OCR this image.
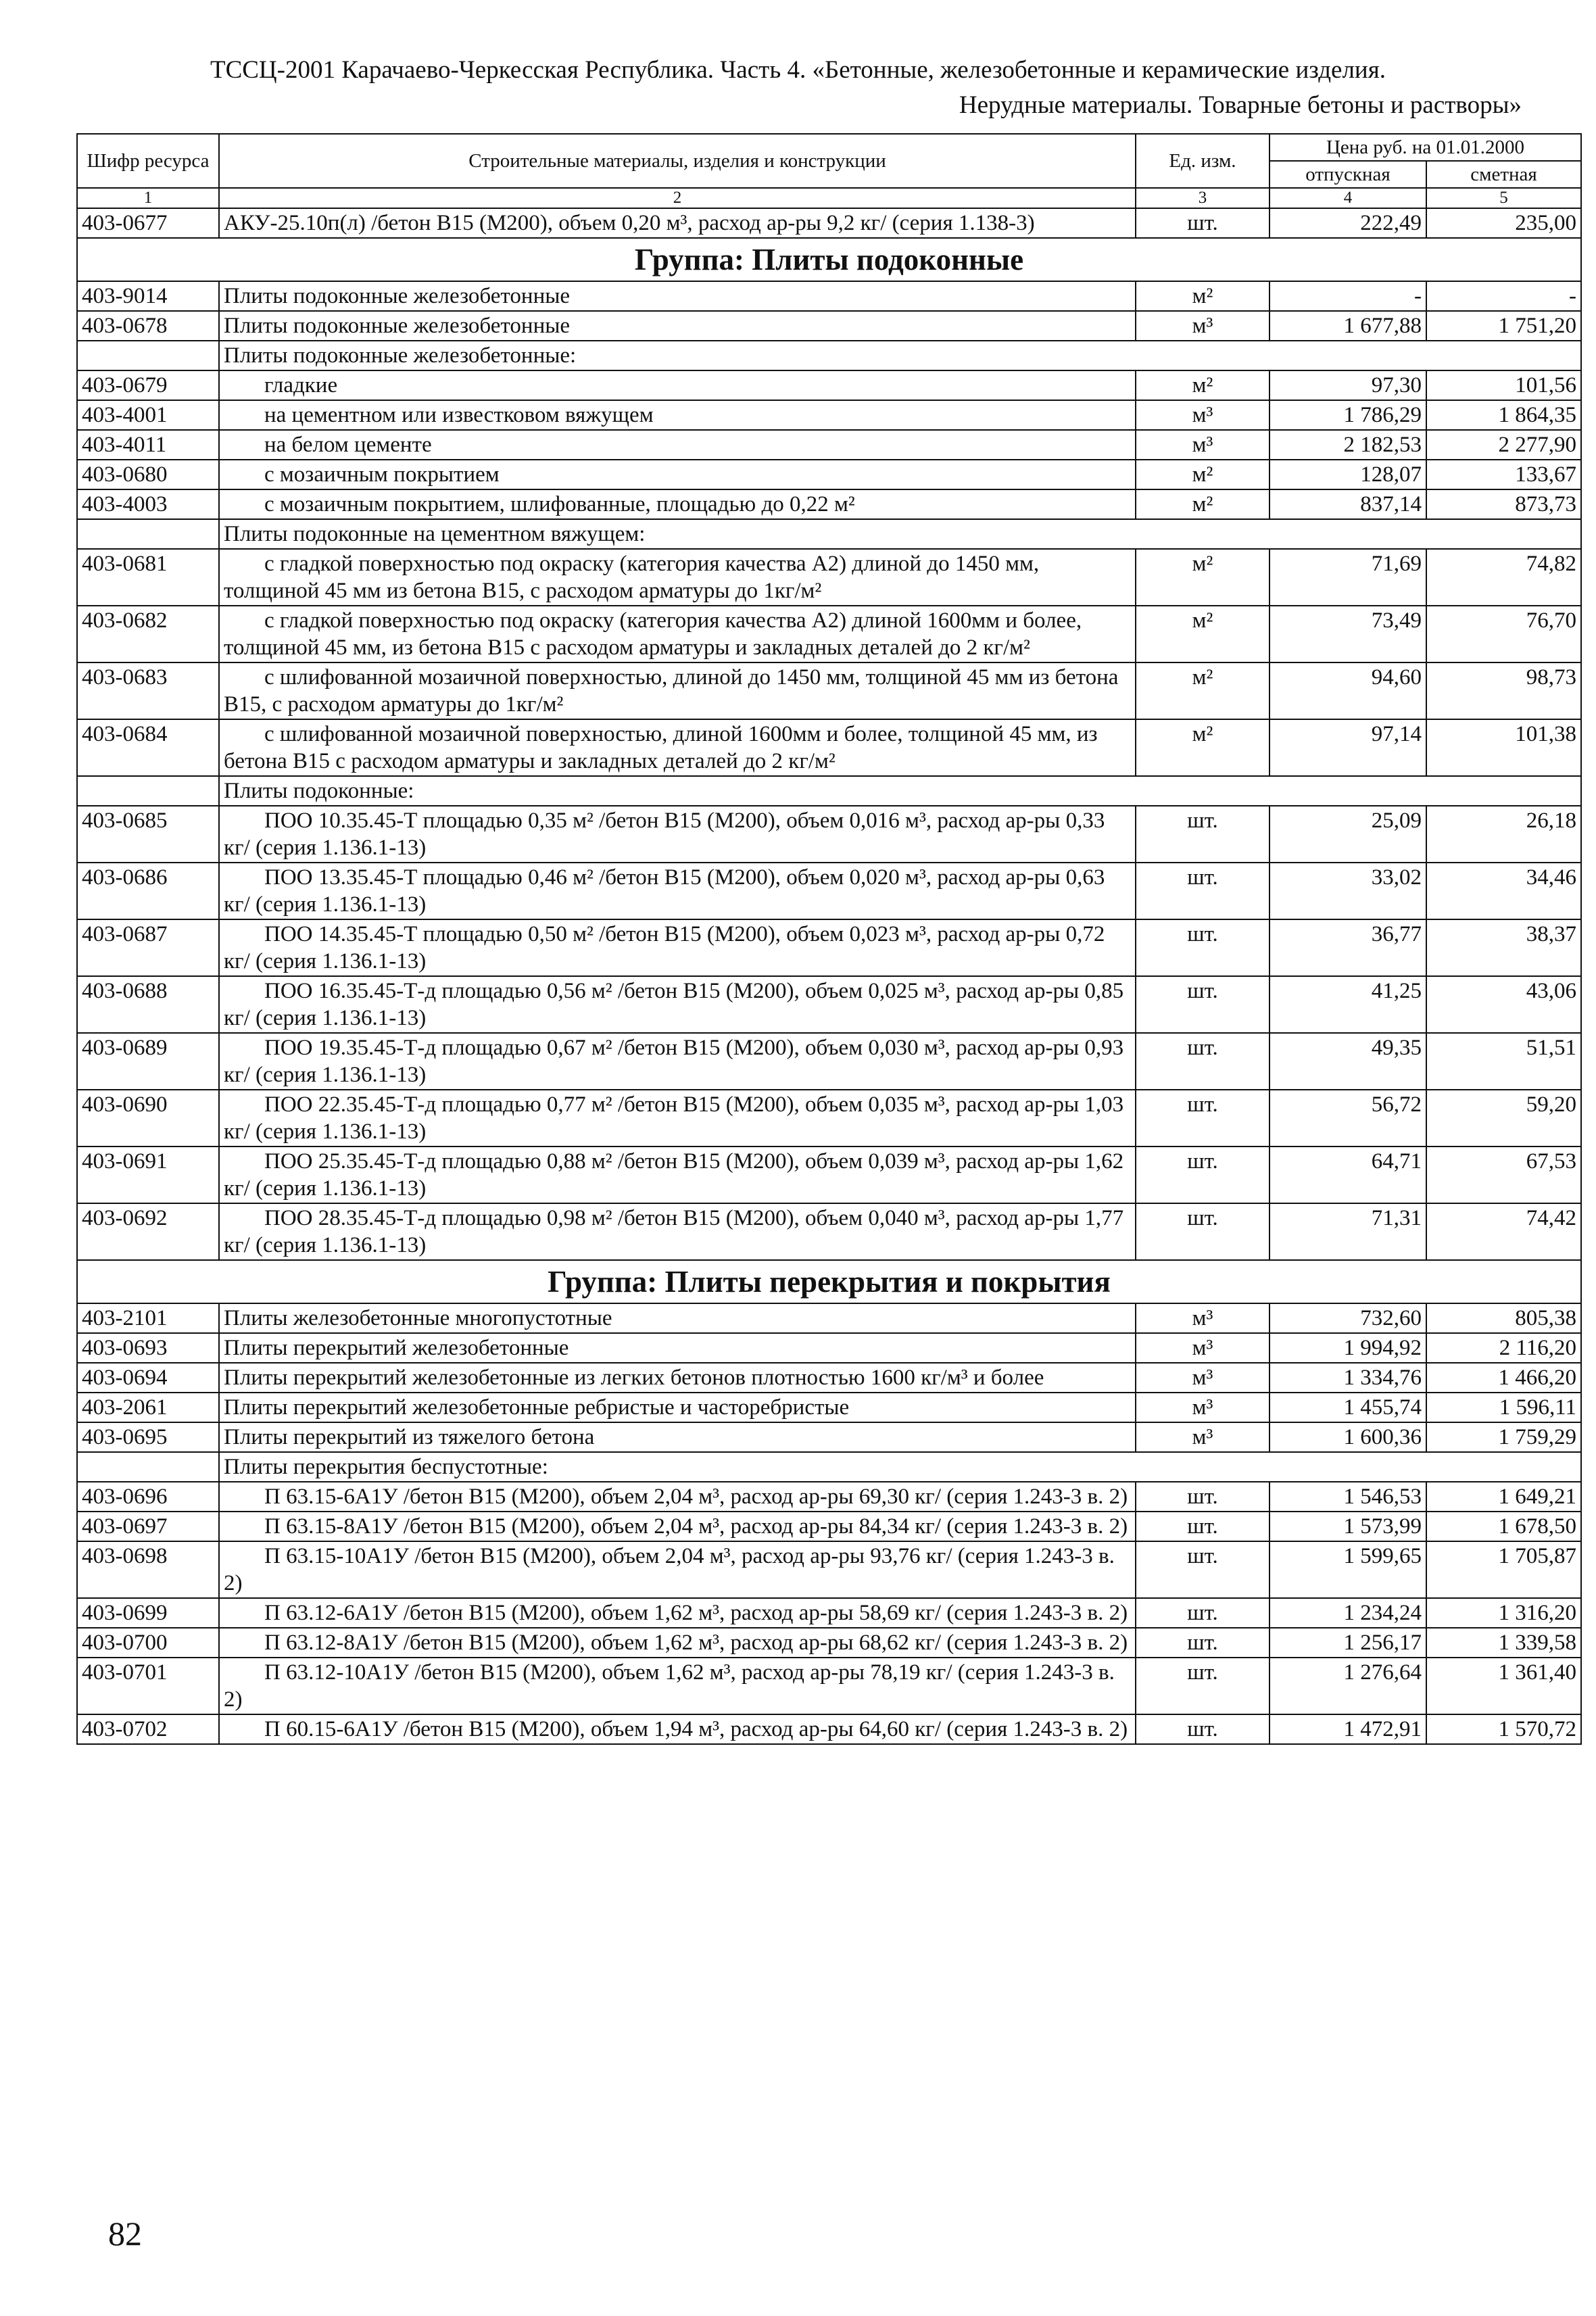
ТССЦ-2001 Карачаево-Черкесская Республика. Часть 4. «Бетонные, железобетонные и керамические изделия.
Нерудные материалы. Товарные бетоны и растворы»
Шифр ресурса	Строительные материалы, изделия и конструкции	Ед. изм.	Цена руб. на 01.01.2000	
			отпускная	сметная
1	2	3	4	5
403-0677	АКУ-25.10п(л) /бетон В15 (М200), объем 0,20 м³, расход ар-ры 9,2 кг/ (серия 1.138-3)	шт.	222,49	235,00
Группа: Плиты подоконные				
403-9014	Плиты подоконные железобетонные	м²	-	-
403-0678	Плиты подоконные железобетонные	м³	1 677,88	1 751,20
	Плиты подоконные железобетонные:			
403-0679	гладкие	м²	97,30	101,56
403-4001	на цементном или известковом вяжущем	м³	1 786,29	1 864,35
403-4011	на белом цементе	м³	2 182,53	2 277,90
403-0680	с мозаичным покрытием	м²	128,07	133,67
403-4003	с мозаичным покрытием, шлифованные, площадью до 0,22 м²	м²	837,14	873,73
	Плиты подоконные на цементном вяжущем:			
403-0681	с гладкой поверхностью под окраску (категория качества А2) длиной до 1450 мм, толщиной 45 мм из бетона В15, с расходом арматуры до 1кг/м²	м²	71,69	74,82
403-0682	с гладкой поверхностью под окраску (категория качества А2) длиной 1600мм и более, толщиной 45 мм, из бетона В15 с расходом арматуры и закладных деталей до 2 кг/м²	м²	73,49	76,70
403-0683	с шлифованной мозаичной поверхностью, длиной до 1450 мм, толщиной 45 мм из бетона В15, с расходом арматуры до 1кг/м²	м²	94,60	98,73
403-0684	с шлифованной мозаичной поверхностью, длиной 1600мм и более, толщиной 45 мм, из бетона В15 с расходом арматуры и закладных деталей до 2 кг/м²	м²	97,14	101,38
	Плиты подоконные:			
403-0685	ПОО 10.35.45-Т площадью 0,35 м² /бетон В15 (М200), объем 0,016 м³, расход ар-ры 0,33 кг/ (серия 1.136.1-13)	шт.	25,09	26,18
403-0686	ПОО 13.35.45-Т площадью 0,46 м² /бетон В15 (М200), объем 0,020 м³, расход ар-ры 0,63 кг/ (серия 1.136.1-13)	шт.	33,02	34,46
403-0687	ПОО 14.35.45-Т площадью 0,50 м² /бетон В15 (М200), объем 0,023 м³, расход ар-ры 0,72 кг/ (серия 1.136.1-13)	шт.	36,77	38,37
403-0688	ПОО 16.35.45-Т-д площадью 0,56 м² /бетон В15 (М200), объем 0,025 м³, расход ар-ры 0,85 кг/ (серия 1.136.1-13)	шт.	41,25	43,06
403-0689	ПОО 19.35.45-Т-д площадью 0,67 м² /бетон В15 (М200), объем 0,030 м³, расход ар-ры 0,93 кг/ (серия 1.136.1-13)	шт.	49,35	51,51
403-0690	ПОО 22.35.45-Т-д площадью 0,77 м² /бетон В15 (М200), объем 0,035 м³, расход ар-ры 1,03 кг/ (серия 1.136.1-13)	шт.	56,72	59,20
403-0691	ПОО 25.35.45-Т-д площадью 0,88 м² /бетон В15 (М200), объем 0,039 м³, расход ар-ры 1,62 кг/ (серия 1.136.1-13)	шт.	64,71	67,53
403-0692	ПОО 28.35.45-Т-д площадью 0,98 м² /бетон В15 (М200), объем 0,040 м³, расход ар-ры 1,77 кг/ (серия 1.136.1-13)	шт.	71,31	74,42
Группа: Плиты перекрытия и покрытия				
403-2101	Плиты железобетонные многопустотные	м³	732,60	805,38
403-0693	Плиты перекрытий железобетонные	м³	1 994,92	2 116,20
403-0694	Плиты перекрытий железобетонные из легких бетонов плотностью 1600 кг/м³ и более	м³	1 334,76	1 466,20
403-2061	Плиты перекрытий железобетонные ребристые и часторебристые	м³	1 455,74	1 596,11
403-0695	Плиты перекрытий из тяжелого бетона	м³	1 600,36	1 759,29
	Плиты перекрытия беспустотные:			
403-0696	П 63.15-6А1У /бетон В15 (М200), объем 2,04 м³, расход ар-ры 69,30 кг/ (серия 1.243-3 в. 2)	шт.	1 546,53	1 649,21
403-0697	П 63.15-8А1У /бетон В15 (М200), объем 2,04 м³, расход ар-ры 84,34 кг/ (серия 1.243-3 в. 2)	шт.	1 573,99	1 678,50
403-0698	П 63.15-10А1У /бетон В15 (М200), объем 2,04 м³, расход ар-ры 93,76 кг/ (серия 1.243-3 в. 2)	шт.	1 599,65	1 705,87
403-0699	П 63.12-6А1У /бетон В15 (М200), объем 1,62 м³, расход ар-ры 58,69 кг/ (серия 1.243-3 в. 2)	шт.	1 234,24	1 316,20
403-0700	П 63.12-8А1У /бетон В15 (М200), объем 1,62 м³, расход ар-ры 68,62 кг/ (серия 1.243-3 в. 2)	шт.	1 256,17	1 339,58
403-0701	П 63.12-10А1У /бетон В15 (М200), объем 1,62 м³, расход ар-ры 78,19 кг/ (серия 1.243-3 в. 2)	шт.	1 276,64	1 361,40
403-0702	П 60.15-6А1У /бетон В15 (М200), объем 1,94 м³, расход ар-ры 64,60 кг/ (серия 1.243-3 в. 2)	шт.	1 472,91	1 570,72
82
